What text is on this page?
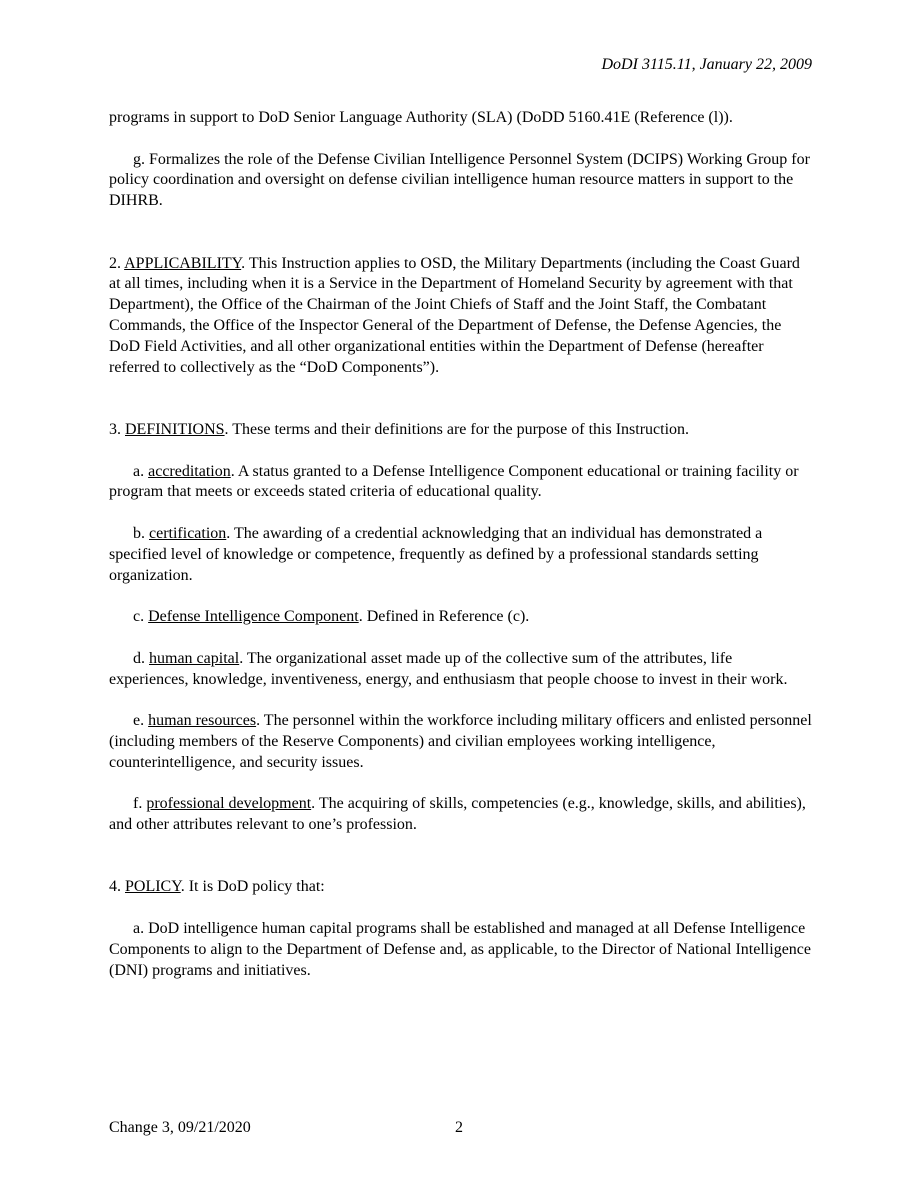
DoDI 3115.11, January 22, 2009

programs in support to DoD Senior Language Authority (SLA) (DoDD 5160.41E (Reference (l)).

g. Formalizes the role of the Defense Civilian Intelligence Personnel System (DCIPS) Working Group for policy coordination and oversight on defense civilian intelligence human resource matters in support to the DIHRB.

2. APPLICABILITY. This Instruction applies to OSD, the Military Departments (including the Coast Guard at all times, including when it is a Service in the Department of Homeland Security by agreement with that Department), the Office of the Chairman of the Joint Chiefs of Staff and the Joint Staff, the Combatant Commands, the Office of the Inspector General of the Department of Defense, the Defense Agencies, the DoD Field Activities, and all other organizational entities within the Department of Defense (hereafter referred to collectively as the “DoD Components”).

3. DEFINITIONS. These terms and their definitions are for the purpose of this Instruction.

a. accreditation. A status granted to a Defense Intelligence Component educational or training facility or program that meets or exceeds stated criteria of educational quality.

b. certification. The awarding of a credential acknowledging that an individual has demonstrated a specified level of knowledge or competence, frequently as defined by a professional standards setting organization.

c. Defense Intelligence Component. Defined in Reference (c).

d. human capital. The organizational asset made up of the collective sum of the attributes, life experiences, knowledge, inventiveness, energy, and enthusiasm that people choose to invest in their work.

e. human resources. The personnel within the workforce including military officers and enlisted personnel (including members of the Reserve Components) and civilian employees working intelligence, counterintelligence, and security issues.

f. professional development. The acquiring of skills, competencies (e.g., knowledge, skills, and abilities), and other attributes relevant to one’s profession.

4. POLICY. It is DoD policy that:

a. DoD intelligence human capital programs shall be established and managed at all Defense Intelligence Components to align to the Department of Defense and, as applicable, to the Director of National Intelligence (DNI) programs and initiatives.

Change 3, 09/21/2020	2
